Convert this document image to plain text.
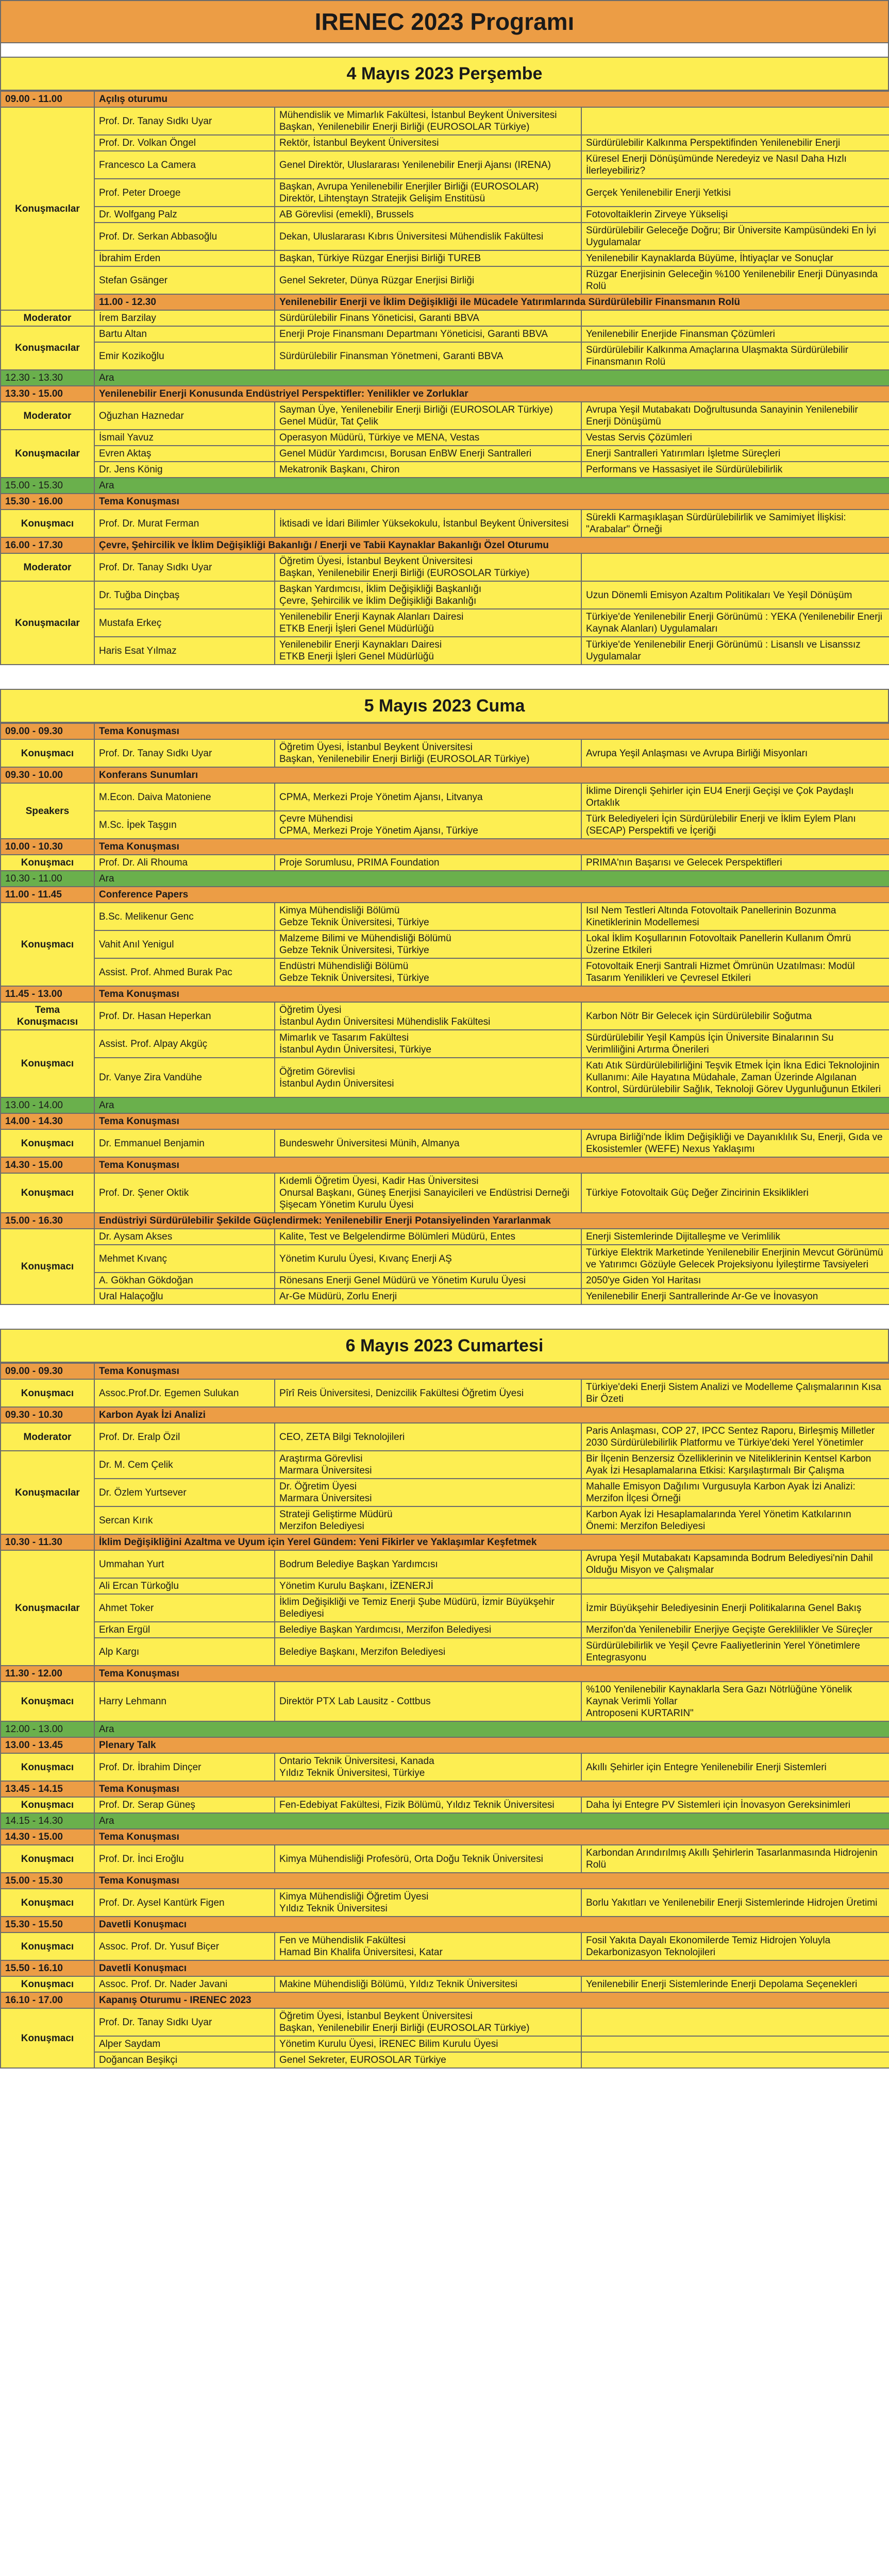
IRENEC 2023 Programı
4 Mayıs 2023 Perşembe
09.00 - 11.00	Açılış oturumu		
Konuşmacılar	Prof. Dr. Tanay Sıdkı Uyar	Mühendislik ve Mimarlık Fakültesi, İstanbul Beykent Üniversitesi
Başkan, Yenilenebilir Enerji Birliği (EUROSOLAR Türkiye)	
	Prof. Dr. Volkan Öngel	Rektör, İstanbul Beykent Üniversitesi	Sürdürülebilir Kalkınma Perspektifinden Yenilenebilir Enerji
	Francesco La Camera	Genel Direktör, Uluslararası Yenilenebilir Enerji Ajansı (IRENA)	Küresel Enerji Dönüşümünde Neredeyiz ve Nasıl Daha Hızlı İlerleyebiliriz?
	Prof. Peter Droege	Başkan, Avrupa Yenilenebilir Enerjiler Birliği (EUROSOLAR)
Direktör, Lihtenştayn Stratejik Gelişim Enstitüsü	Gerçek Yenilenebilir Enerji Yetkisi
	Dr. Wolfgang Palz	AB Görevlisi (emekli), Brussels	Fotovoltaiklerin Zirveye Yükselişi
	Prof. Dr. Serkan Abbasoğlu	Dekan, Uluslararası Kıbrıs Üniversitesi Mühendislik Fakültesi	Sürdürülebilir Geleceğe Doğru; Bir Üniversite Kampüsündeki En İyi Uygulamalar
	İbrahim Erden	Başkan, Türkiye Rüzgar Enerjisi Birliği TUREB	Yenilenebilir Kaynaklarda Büyüme, İhtiyaçlar ve Sonuçlar
	Stefan Gsänger	Genel Sekreter, Dünya Rüzgar Enerjisi Birliği	Rüzgar Enerjisinin Geleceğin %100 Yenilenebilir Enerji Dünyasında Rolü
	11.00 - 12.30	Yenilenebilir Enerji ve İklim Değişikliği ile Mücadele Yatırımlarında Sürdürülebilir Finansmanın Rolü	
Moderator	İrem Barzilay	Sürdürülebilir Finans Yöneticisi, Garanti BBVA	
Konuşmacılar	Bartu Altan	Enerji Proje Finansmanı Departmanı Yöneticisi, Garanti BBVA	Yenilenebilir Enerjide Finansman Çözümleri
	Emir Kozikoğlu	Sürdürülebilir Finansman Yönetmeni, Garanti BBVA	Sürdürülebilir Kalkınma Amaçlarına Ulaşmakta Sürdürülebilir Finansmanın Rolü
12.30 - 13.30	Ara		
13.30 - 15.00	Yenilenebilir Enerji Konusunda Endüstriyel Perspektifler: Yenilikler ve Zorluklar		
Moderator	Oğuzhan Haznedar	Sayman Üye, Yenilenebilir Enerji Birliği (EUROSOLAR Türkiye)
Genel Müdür, Tat Çelik	Avrupa Yeşil Mutabakatı Doğrultusunda Sanayinin Yenilenebilir Enerji Dönüşümü
Konuşmacılar	İsmail Yavuz	Operasyon Müdürü, Türkiye ve MENA, Vestas	Vestas Servis Çözümleri
	Evren Aktaş	Genel Müdür Yardımcısı, Borusan EnBW Enerji Santralleri	Enerji Santralleri Yatırımları İşletme Süreçleri
	Dr. Jens König	Mekatronik Başkanı, Chiron	Performans ve Hassasiyet ile Sürdürülebilirlik
15.00 - 15.30	Ara		
15.30 - 16.00	Tema Konuşması		
Konuşmacı	Prof. Dr. Murat Ferman	İktisadi ve İdari Bilimler Yüksekokulu, İstanbul Beykent Üniversitesi	Sürekli Karmaşıklaşan Sürdürülebilirlik ve Samimiyet İlişkisi: "Arabalar" Örneği
16.00 - 17.30	Çevre, Şehircilik ve İklim Değişikliği Bakanlığı / Enerji ve Tabii Kaynaklar Bakanlığı Özel Oturumu		
Moderator	Prof. Dr. Tanay Sıdkı Uyar	Öğretim Üyesi, İstanbul Beykent Üniversitesi
Başkan, Yenilenebilir Enerji Birliği (EUROSOLAR Türkiye)	
Konuşmacılar	Dr. Tuğba Dinçbaş	Başkan Yardımcısı, İklim Değişikliği Başkanlığı
Çevre, Şehircilik ve İklim Değişikliği Bakanlığı	Uzun Dönemli Emisyon Azaltım Politikaları Ve Yeşil Dönüşüm
	Mustafa Erkeç	Yenilenebilir Enerji Kaynak Alanları Dairesi
ETKB Enerji İşleri Genel Müdürlüğü	Türkiye'de Yenilenebilir Enerji Görünümü : YEKA (Yenilenebilir Enerji Kaynak Alanları) Uygulamaları
	Haris Esat Yılmaz	Yenilenebilir Enerji Kaynakları Dairesi
ETKB Enerji İşleri Genel Müdürlüğü	Türkiye'de Yenilenebilir Enerji Görünümü : Lisanslı ve Lisanssız Uygulamalar
5 Mayıs 2023 Cuma
09.00 - 09.30	Tema Konuşması		
Konuşmacı	Prof. Dr. Tanay Sıdkı Uyar	Öğretim Üyesi, İstanbul Beykent Üniversitesi
Başkan, Yenilenebilir Enerji Birliği (EUROSOLAR Türkiye)	Avrupa Yeşil Anlaşması ve Avrupa Birliği Misyonları
09.30 - 10.00	Konferans Sunumları		
Speakers	M.Econ. Daiva Matoniene	CPMA, Merkezi Proje Yönetim Ajansı, Litvanya	İklime Dirençli Şehirler için EU4 Enerji Geçişi ve Çok Paydaşlı Ortaklık
	M.Sc. İpek Taşgın	Çevre Mühendisi
CPMA, Merkezi Proje Yönetim Ajansı, Türkiye	Türk Belediyeleri İçin Sürdürülebilir Enerji ve İklim Eylem Planı (SECAP) Perspektifi ve İçeriği
10.00 - 10.30	Tema Konuşması		
Konuşmacı	Prof. Dr. Ali Rhouma	Proje Sorumlusu, PRIMA Foundation	PRIMA'nın Başarısı ve Gelecek Perspektifleri
10.30 - 11.00	Ara		
11.00 - 11.45	Conference Papers		
Konuşmacı	B.Sc. Melikenur Genc	Kimya Mühendisliği Bölümü
Gebze Teknik Üniversitesi, Türkiye	Isıl Nem Testleri Altında Fotovoltaik Panellerinin Bozunma Kinetiklerinin Modellemesi
	Vahit Anıl Yenigul	Malzeme Bilimi ve Mühendisliği Bölümü
Gebze Teknik Üniversitesi, Türkiye	Lokal İklim Koşullarının Fotovoltaik Panellerin Kullanım Ömrü Üzerine Etkileri
	Assist. Prof. Ahmed Burak Pac	Endüstri Mühendisliği Bölümü
Gebze Teknik Üniversitesi, Türkiye	Fotovoltaik Enerji Santrali Hizmet Ömrünün Uzatılması: Modül Tasarım Yenilikleri ve Çevresel Etkileri
11.45 - 13.00	Tema Konuşması		
Tema Konuşmacısı	Prof. Dr. Hasan Heperkan	Öğretim Üyesi
İstanbul Aydın Üniversitesi Mühendislik Fakültesi	Karbon Nötr Bir Gelecek için Sürdürülebilir Soğutma
Konuşmacı	Assist. Prof. Alpay Akgüç	Mimarlık ve Tasarım Fakültesi
İstanbul Aydın Üniversitesi, Türkiye	Sürdürülebilir Yeşil Kampüs İçin Üniversite Binalarının Su Verimliliğini Artırma Önerileri
	Dr. Vanye Zira Vandühe	Öğretim Görevlisi
İstanbul Aydın Üniversitesi	Katı Atık Sürdürülebilirliğini Teşvik Etmek İçin İkna Edici Teknolojinin Kullanımı: Aile Hayatına Müdahale, Zaman Üzerinde Algılanan Kontrol, Sürdürülebilir Sağlık, Teknoloji Görev Uygunluğunun Etkileri
13.00 - 14.00	Ara		
14.00 - 14.30	Tema Konuşması		
Konuşmacı	Dr. Emmanuel Benjamin	Bundeswehr Üniversitesi Münih, Almanya	Avrupa Birliği'nde İklim Değişikliği ve Dayanıklılık Su, Enerji, Gıda ve Ekosistemler (WEFE) Nexus Yaklaşımı
14.30 - 15.00	Tema Konuşması		
Konuşmacı	Prof. Dr. Şener Oktik	Kıdemli Öğretim Üyesi, Kadir Has Üniversitesi
Onursal Başkanı, Güneş Enerjisi Sanayicileri ve Endüstrisi Derneği
Şişecam Yönetim Kurulu Üyesi	Türkiye Fotovoltaik Güç Değer Zincirinin Eksiklikleri
15.00 - 16.30	Endüstriyi Sürdürülebilir Şekilde Güçlendirmek: Yenilenebilir Enerji Potansiyelinden Yararlanmak		
Konuşmacı	Dr. Aysam Akses	Kalite, Test ve Belgelendirme Bölümleri Müdürü, Entes	Enerji Sistemlerinde Dijitalleşme ve Verimlilik
	Mehmet Kıvanç	Yönetim Kurulu Üyesi, Kıvanç Enerji AŞ	Türkiye Elektrik Marketinde Yenilenebilir Enerjinin Mevcut Görünümü ve Yatırımcı Gözüyle Gelecek Projeksiyonu İyileştirme Tavsiyeleri
	A. Gökhan Gökdoğan	Rönesans Enerji Genel Müdürü ve Yönetim Kurulu Üyesi	2050'ye Giden Yol Haritası
	Ural Halaçoğlu	Ar-Ge Müdürü, Zorlu Enerji	Yenilenebilir Enerji Santrallerinde Ar-Ge ve İnovasyon
6 Mayıs 2023 Cumartesi
09.00 - 09.30	Tema Konuşması		
Konuşmacı	Assoc.Prof.Dr. Egemen Sulukan	Pîrî Reis Üniversitesi, Denizcilik Fakültesi Öğretim Üyesi	Türkiye'deki Enerji Sistem Analizi ve Modelleme Çalışmalarının Kısa Bir Özeti
09.30 - 10.30	Karbon Ayak İzi Analizi		
Moderator	Prof. Dr. Eralp Özil	CEO, ZETA Bilgi Teknolojileri	Paris Anlaşması, COP 27, IPCC Sentez Raporu, Birleşmiş Milletler 2030 Sürdürülebilirlik Platformu ve Türkiye'deki Yerel Yönetimler
Konuşmacılar	Dr. M. Cem Çelik	Araştırma Görevlisi
Marmara Üniversitesi	Bir İlçenin Benzersiz Özelliklerinin ve Niteliklerinin Kentsel Karbon Ayak İzi Hesaplamalarına Etkisi: Karşılaştırmalı Bir Çalışma
	Dr. Özlem Yurtsever	Dr. Öğretim Üyesi
Marmara Üniversitesi	Mahalle Emisyon Dağılımı Vurgusuyla Karbon Ayak İzi Analizi: Merzifon İlçesi Örneği
	Sercan Kırık	Strateji Geliştirme Müdürü
Merzifon Belediyesi	Karbon Ayak İzi Hesaplamalarında Yerel Yönetim Katkılarının Önemi: Merzifon Belediyesi
10.30 - 11.30	İklim Değişikliğini Azaltma ve Uyum için Yerel Gündem: Yeni Fikirler ve Yaklaşımlar Keşfetmek		
Konuşmacılar	Ummahan Yurt	Bodrum Belediye Başkan Yardımcısı	Avrupa Yeşil Mutabakatı Kapsamında Bodrum Belediyesi'nin Dahil Olduğu Misyon ve Çalışmalar
	Ali Ercan Türkoğlu	Yönetim Kurulu Başkanı, İZENERJİ	
	Ahmet Toker	İklim Değişikliği ve Temiz Enerji Şube Müdürü, İzmir Büyükşehir Belediyesi	İzmir Büyükşehir Belediyesinin Enerji Politikalarına Genel Bakış
	Erkan Ergül	Belediye Başkan Yardımcısı, Merzifon Belediyesi	Merzifon'da Yenilenebilir Enerjiye Geçişte Gereklilikler Ve Süreçler
	Alp Kargı	Belediye Başkanı, Merzifon Belediyesi	Sürdürülebilirlik ve Yeşil Çevre Faaliyetlerinin Yerel Yönetimlere Entegrasyonu
11.30 - 12.00	Tema Konuşması		
Konuşmacı	Harry Lehmann	Direktör PTX Lab Lausitz - Cottbus	%100 Yenilenebilir Kaynaklarla Sera Gazı Nötrlüğüne Yönelik Kaynak Verimli Yollar
Antroposeni KURTARIN"
12.00 - 13.00	Ara		
13.00 - 13.45	Plenary Talk		
Konuşmacı	Prof. Dr. İbrahim Dinçer	Ontario Teknik Üniversitesi, Kanada
Yıldız Teknik Üniversitesi, Türkiye	Akıllı Şehirler için Entegre Yenilenebilir Enerji Sistemleri
13.45 - 14.15	Tema Konuşması		
Konuşmacı	Prof. Dr. Serap Güneş	Fen-Edebiyat Fakültesi, Fizik Bölümü, Yıldız Teknik Üniversitesi	Daha İyi Entegre PV Sistemleri için İnovasyon Gereksinimleri
14.15 - 14.30	Ara		
14.30 - 15.00	Tema Konuşması		
Konuşmacı	Prof. Dr. İnci Eroğlu	Kimya Mühendisliği Profesörü, Orta Doğu Teknik Üniversitesi	Karbondan Arındırılmış Akıllı Şehirlerin Tasarlanmasında Hidrojenin Rolü
15.00 - 15.30	Tema Konuşması		
Konuşmacı	Prof. Dr. Aysel Kantürk Figen	Kimya Mühendisliği Öğretim Üyesi
Yıldız Teknik Üniversitesi	Borlu Yakıtları ve Yenilenebilir Enerji Sistemlerinde Hidrojen Üretimi
15.30 - 15.50	Davetli Konuşmacı		
Konuşmacı	Assoc. Prof. Dr. Yusuf Biçer	Fen ve Mühendislik Fakültesi
Hamad Bin Khalifa Üniversitesi, Katar	Fosil Yakıta Dayalı Ekonomilerde Temiz Hidrojen Yoluyla Dekarbonizasyon Teknolojileri
15.50 - 16.10	Davetli Konuşmacı		
Konuşmacı	Assoc. Prof. Dr. Nader Javani	Makine Mühendisliği Bölümü, Yıldız Teknik Üniversitesi	Yenilenebilir Enerji Sistemlerinde Enerji Depolama Seçenekleri
16.10 - 17.00	Kapanış Oturumu - IRENEC 2023		
Konuşmacı	Prof. Dr. Tanay Sıdkı Uyar	Öğretim Üyesi, İstanbul Beykent Üniversitesi
Başkan, Yenilenebilir Enerji Birliği (EUROSOLAR Türkiye)	
	Alper Saydam	Yönetim Kurulu Üyesi, İRENEC Bilim Kurulu Üyesi	
	Doğancan Beşikçi	Genel Sekreter, EUROSOLAR Türkiye	
